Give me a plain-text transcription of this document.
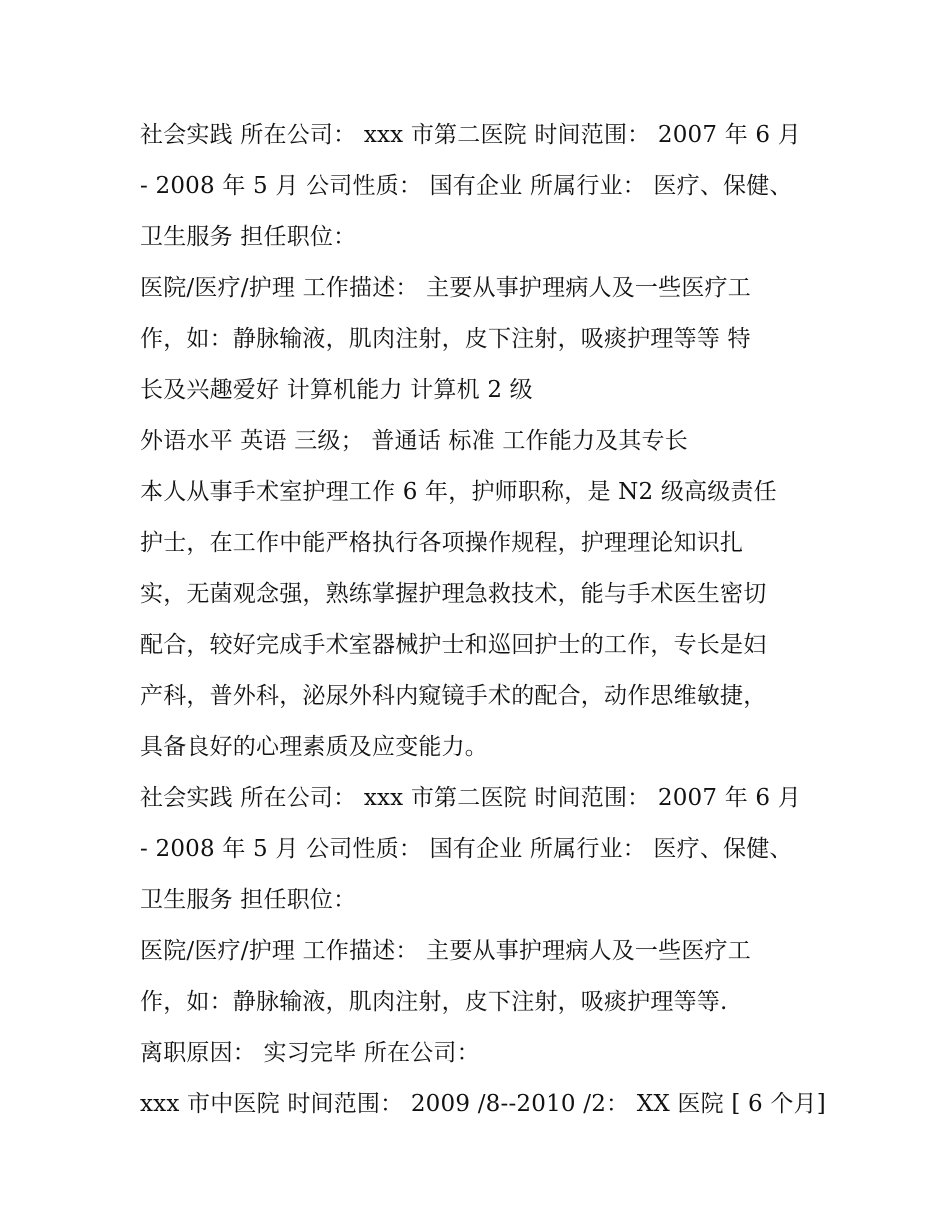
社会实践 所在公司： xxx 市第二医院 时间范围： 2007 年 6 月
- 2008 年 5 月 公司性质： 国有企业 所属行业： 医疗、保健、
卫生服务 担任职位：
医院/医疗/护理 工作描述： 主要从事护理病人及一些医疗工
作，如：静脉输液，肌肉注射，皮下注射，吸痰护理等等 特
长及兴趣爱好 计算机能力 计算机 2 级
外语水平 英语 三级； 普通话 标准 工作能力及其专长
本人从事手术室护理工作 6 年，护师职称，是 N2 级高级责任
护士，在工作中能严格执行各项操作规程，护理理论知识扎
实，无菌观念强，熟练掌握护理急救技术，能与手术医生密切
配合，较好完成手术室器械护士和巡回护士的工作，专长是妇
产科，普外科，泌尿外科内窥镜手术的配合，动作思维敏捷，
具备良好的心理素质及应变能力。
社会实践 所在公司： xxx 市第二医院 时间范围： 2007 年 6 月
- 2008 年 5 月 公司性质： 国有企业 所属行业： 医疗、保健、
卫生服务 担任职位：
医院/医疗/护理 工作描述： 主要从事护理病人及一些医疗工
作，如：静脉输液，肌肉注射，皮下注射，吸痰护理等等.
离职原因： 实习完毕 所在公司：
xxx 市中医院 时间范围： 2009 /8--2010 /2： XX 医院 [ 6 个月]
